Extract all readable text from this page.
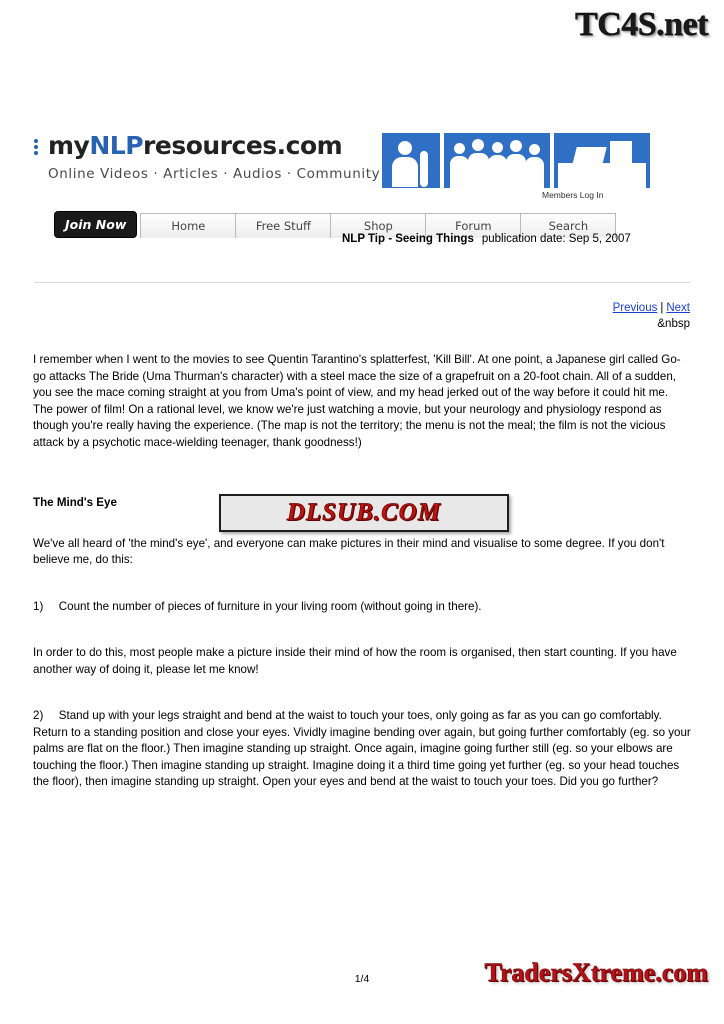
TC4S.net
myNLPresources.com
Online Videos · Articles · Audios · Community
Members Log In
Join Now	Home	Free Stuff	Shop	Forum	Search
NLP Tip - Seeing Things publication date: Sep 5, 2007
Previous | Next
&nbsp

I remember when I went to the movies to see Quentin Tarantino's splatterfest, 'Kill Bill'. At one point, a Japanese girl called Go-go attacks The Bride (Uma Thurman's character) with a steel mace the size of a grapefruit on a 20-foot chain. All of a sudden, you see the mace coming straight at you from Uma's point of view, and my head jerked out of the way before it could hit me. The power of film! On a rational level, we know we're just watching a movie, but your neurology and physiology respond as though you're really having the experience. (The map is not the territory; the menu is not the meal; the film is not the vicious attack by a psychotic mace-wielding teenager, thank goodness!)

The Mind's Eye

We've all heard of 'the mind's eye', and everyone can make pictures in their mind and visualise to some degree. If you don't believe me, do this:

1)	Count the number of pieces of furniture in your living room (without going in there).

In order to do this, most people make a picture inside their mind of how the room is organised, then start counting. If you have another way of doing it, please let me know!

2)	Stand up with your legs straight and bend at the waist to touch your toes, only going as far as you can go comfortably. Return to a standing position and close your eyes. Vividly imagine bending over again, but going further comfortably (eg. so your palms are flat on the floor.) Then imagine standing up straight. Once again, imagine going further still (eg. so your elbows are touching the floor.) Then imagine standing up straight. Imagine doing it a third time going yet further (eg. so your head touches the floor), then imagine standing up straight. Open your eyes and bend at the waist to touch your toes. Did you go further?

DLSUB.COM
1/4	TradersXtreme.com
